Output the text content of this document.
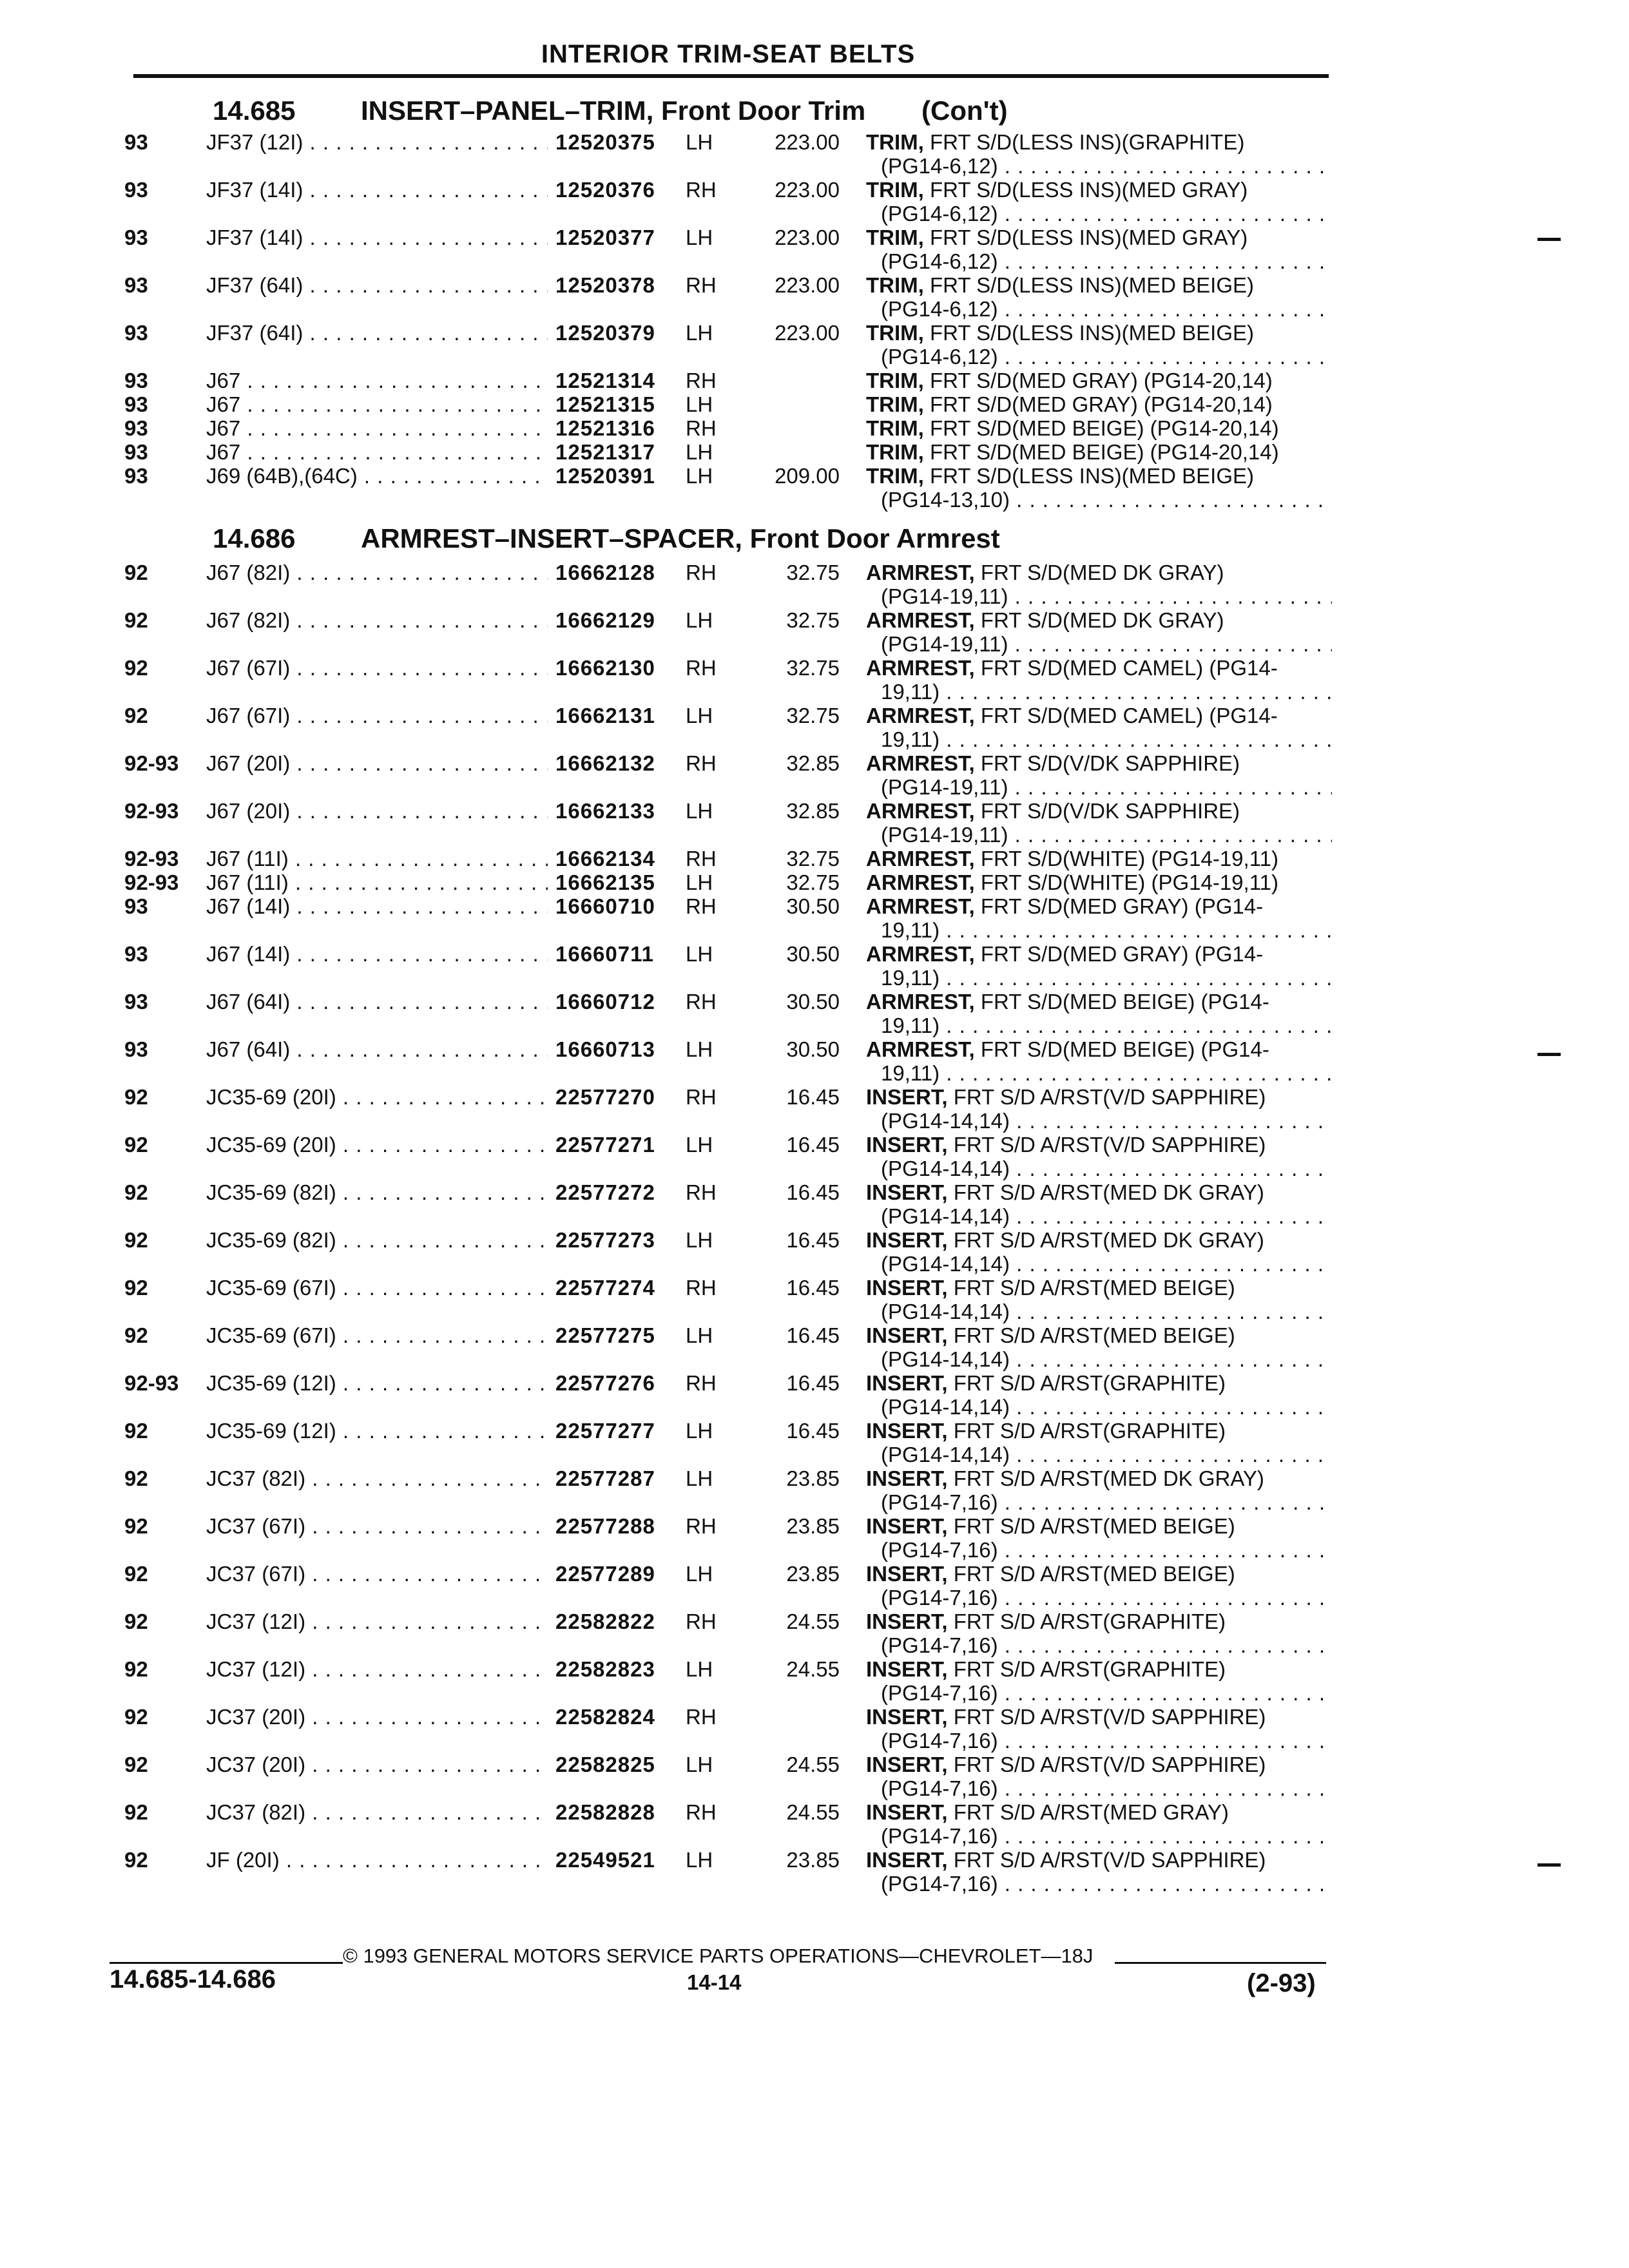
INTERIOR TRIM-SEAT BELTS
14.685 INSERT–PANEL–TRIM, Front Door Trim (Con't)
14.686 ARMREST–INSERT–SPACER, Front Door Armrest
93	JF37 (12I) . . .	12520375 LH	223.00 TRIM, FRT S/D(LESS INS)(GRAPHITE)
(PG14-6,12) . . .
93	JF37 (14I) . . .	12520376 RH	223.00 TRIM, FRT S/D(LESS INS)(MED GRAY)
(PG14-6,12) . . .
93	JF37 (14I) . . .	12520377 LH	223.00 TRIM, FRT S/D(LESS INS)(MED GRAY)
(PG14-6,12) . . .
93	JF37 (64I) . . .	12520378 RH	223.00 TRIM, FRT S/D(LESS INS)(MED BEIGE)
(PG14-6,12) . . .
93	JF37 (64I) . . .	12520379 LH	223.00 TRIM, FRT S/D(LESS INS)(MED BEIGE)
(PG14-6,12) . . .
93	J67 . . .	12521314 RH	TRIM, FRT S/D(MED GRAY) (PG14-20,14)
93	J67 . . .	12521315 LH	TRIM, FRT S/D(MED GRAY) (PG14-20,14)
93	J67 . . .	12521316 RH	TRIM, FRT S/D(MED BEIGE) (PG14-20,14)
93	J67 . . .	12521317 LH	TRIM, FRT S/D(MED BEIGE) (PG14-20,14)
93	J69 (64B),(64C) . . .	12520391 LH	209.00 TRIM, FRT S/D(LESS INS)(MED BEIGE)
(PG14-13,10) . . .
92	J67 (82I) . . .	16662128 RH	32.75 ARMREST, FRT S/D(MED DK GRAY)
(PG14-19,11) . . .
92	J67 (82I) . . .	16662129 LH	32.75 ARMREST, FRT S/D(MED DK GRAY)
(PG14-19,11) . . .
92	J67 (67I) . . .	16662130 RH	32.75 ARMREST, FRT S/D(MED CAMEL) (PG14-
19,11) . . .
92	J67 (67I) . . .	16662131 LH	32.75 ARMREST, FRT S/D(MED CAMEL) (PG14-
19,11) . . .
92-93 J67 (20I) . . .	16662132 RH	32.85 ARMREST, FRT S/D(V/DK SAPPHIRE)
(PG14-19,11) . . .
92-93 J67 (20I) . . .	16662133 LH	32.85 ARMREST, FRT S/D(V/DK SAPPHIRE)
(PG14-19,11) . . .
92-93 J67 (11I) . . .	16662134 RH	32.75 ARMREST, FRT S/D(WHITE) (PG14-19,11)
92-93 J67 (11I) . . .	16662135 LH	32.75 ARMREST, FRT S/D(WHITE) (PG14-19,11)
93	J67 (14I) . . .	16660710 RH	30.50 ARMREST, FRT S/D(MED GRAY) (PG14-
19,11) . . .
93	J67 (14I) . . .	16660711 LH	30.50 ARMREST, FRT S/D(MED GRAY) (PG14-
19,11) . . .
93	J67 (64I) . . .	16660712 RH	30.50 ARMREST, FRT S/D(MED BEIGE) (PG14-
19,11) . . .
93	J67 (64I) . . .	16660713 LH	30.50 ARMREST, FRT S/D(MED BEIGE) (PG14-
19,11) . . .
92	JC35-69 (20I) . . .	22577270 RH	16.45 INSERT, FRT S/D A/RST(V/D SAPPHIRE)
(PG14-14,14) . . .
92	JC35-69 (20I) . . .	22577271 LH	16.45 INSERT, FRT S/D A/RST(V/D SAPPHIRE)
(PG14-14,14) . . .
92	JC35-69 (82I) . . .	22577272 RH	16.45 INSERT, FRT S/D A/RST(MED DK GRAY)
(PG14-14,14) . . .
92	JC35-69 (82I) . . .	22577273 LH	16.45 INSERT, FRT S/D A/RST(MED DK GRAY)
(PG14-14,14) . . .
92	JC35-69 (67I) . . .	22577274 RH	16.45 INSERT, FRT S/D A/RST(MED BEIGE)
(PG14-14,14) . . .
92	JC35-69 (67I) . . .	22577275 LH	16.45 INSERT, FRT S/D A/RST(MED BEIGE)
(PG14-14,14) . . .
92-93 JC35-69 (12I) . . .	22577276 RH	16.45 INSERT, FRT S/D A/RST(GRAPHITE)
(PG14-14,14) . . .
92	JC35-69 (12I) . . .	22577277 LH	16.45 INSERT, FRT S/D A/RST(GRAPHITE)
(PG14-14,14) . . .
92	JC37 (82I) . . .	22577287 LH	23.85 INSERT, FRT S/D A/RST(MED DK GRAY)
(PG14-7,16) . . .
92	JC37 (67I) . . .	22577288 RH	23.85 INSERT, FRT S/D A/RST(MED BEIGE)
(PG14-7,16) . . .
92	JC37 (67I) . . .	22577289 LH	23.85 INSERT, FRT S/D A/RST(MED BEIGE)
(PG14-7,16) . . .
92	JC37 (12I) . . .	22582822 RH	24.55 INSERT, FRT S/D A/RST(GRAPHITE)
(PG14-7,16) . . .
92	JC37 (12I) . . .	22582823 LH	24.55 INSERT, FRT S/D A/RST(GRAPHITE)
(PG14-7,16) . . .
92	JC37 (20I) . . .	22582824 RH	INSERT, FRT S/D A/RST(V/D SAPPHIRE)
(PG14-7,16) . . .
92	JC37 (20I) . . .	22582825 LH	24.55 INSERT, FRT S/D A/RST(V/D SAPPHIRE)
(PG14-7,16) . . .
92	JC37 (82I) . . .	22582828 RH	24.55 INSERT, FRT S/D A/RST(MED GRAY)
(PG14-7,16) . . .
92	JF (20I) . . .	22549521 LH	23.85 INSERT, FRT S/D A/RST(V/D SAPPHIRE)
(PG14-7,16) . . .
© 1993 GENERAL MOTORS SERVICE PARTS OPERATIONS—CHEVROLET—18J
14.685-14.686	14-14	(2-93)
